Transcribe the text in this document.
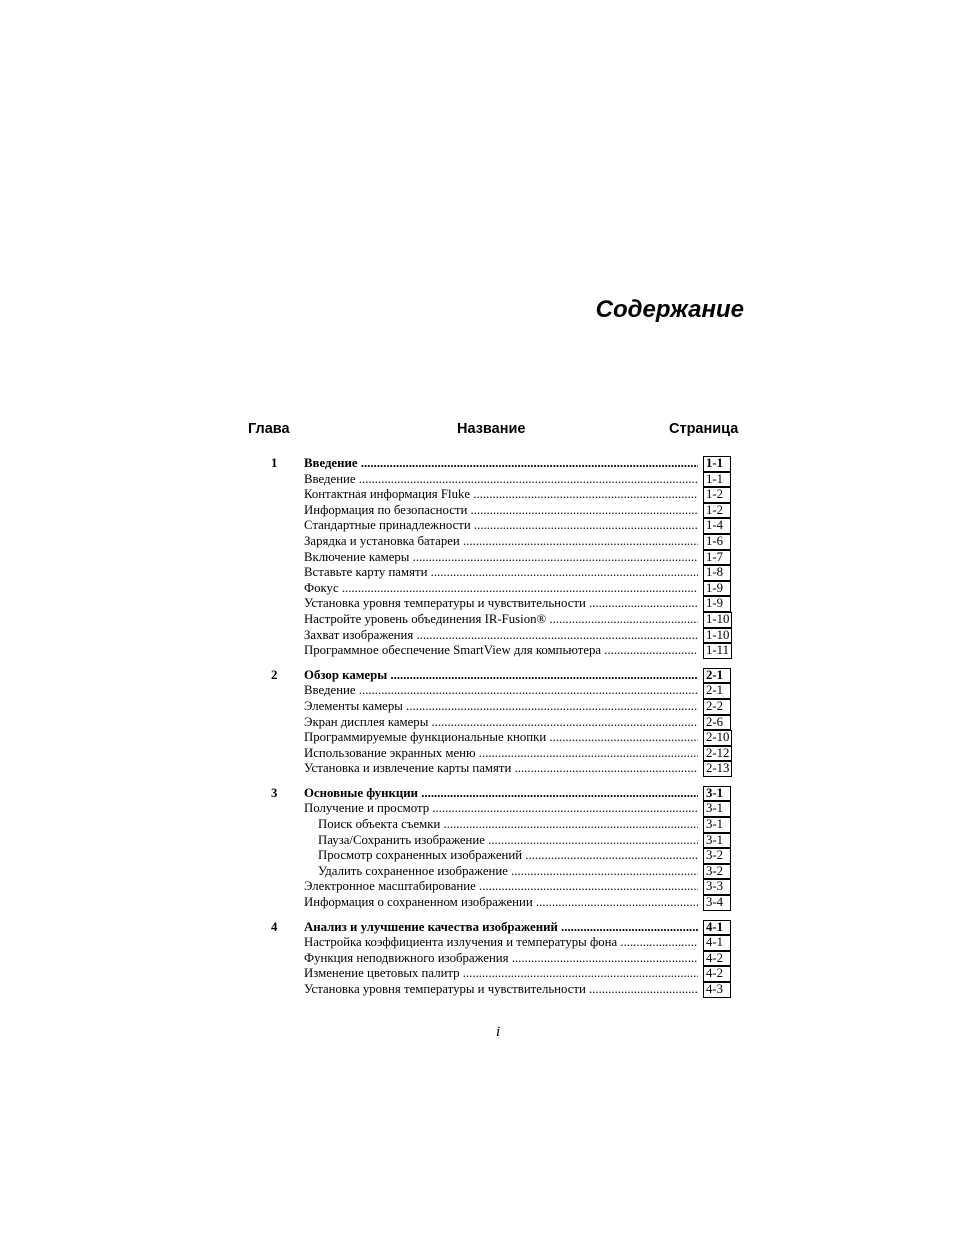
Содержание
Глава	Название	Страница
1 Введение .....	1-1
Введение .....	1-1
Контактная информация Fluke .....	1-2
Информация по безопасности .....	1-2
Стандартные принадлежности .....	1-4
Зарядка и установка батареи .....	1-6
Включение камеры .....	1-7
Вставьте карту памяти .....	1-8
Фокус .....	1-9
Установка уровня температуры и чувствительности .....	1-9
Настройте уровень объединения IR-Fusion® .....	1-10
Захват изображения .....	1-10
Программное обеспечение SmartView для компьютера .....	1-11
2 Обзор камеры .....	2-1
Введение .....	2-1
Элементы камеры .....	2-2
Экран дисплея камеры .....	2-6
Программируемые функциональные кнопки .....	2-10
Использование экранных меню .....	2-12
Установка и извлечение карты памяти .....	2-13
3 Основные функции .....	3-1
Получение и просмотр .....	3-1
Поиск объекта съемки .....	3-1
Пауза/Сохранить изображение .....	3-1
Просмотр сохраненных изображений .....	3-2
Удалить сохраненное изображение .....	3-2
Электронное масштабирование .....	3-3
Информация о сохраненном изображении .....	3-4
4 Анализ и улучшение качества изображений .....	4-1
Настройка коэффициента излучения и температуры фона .....	4-1
Функция неподвижного изображения .....	4-2
Изменение цветовых палитр .....	4-2
Установка уровня температуры и чувствительности .....	4-3
i
